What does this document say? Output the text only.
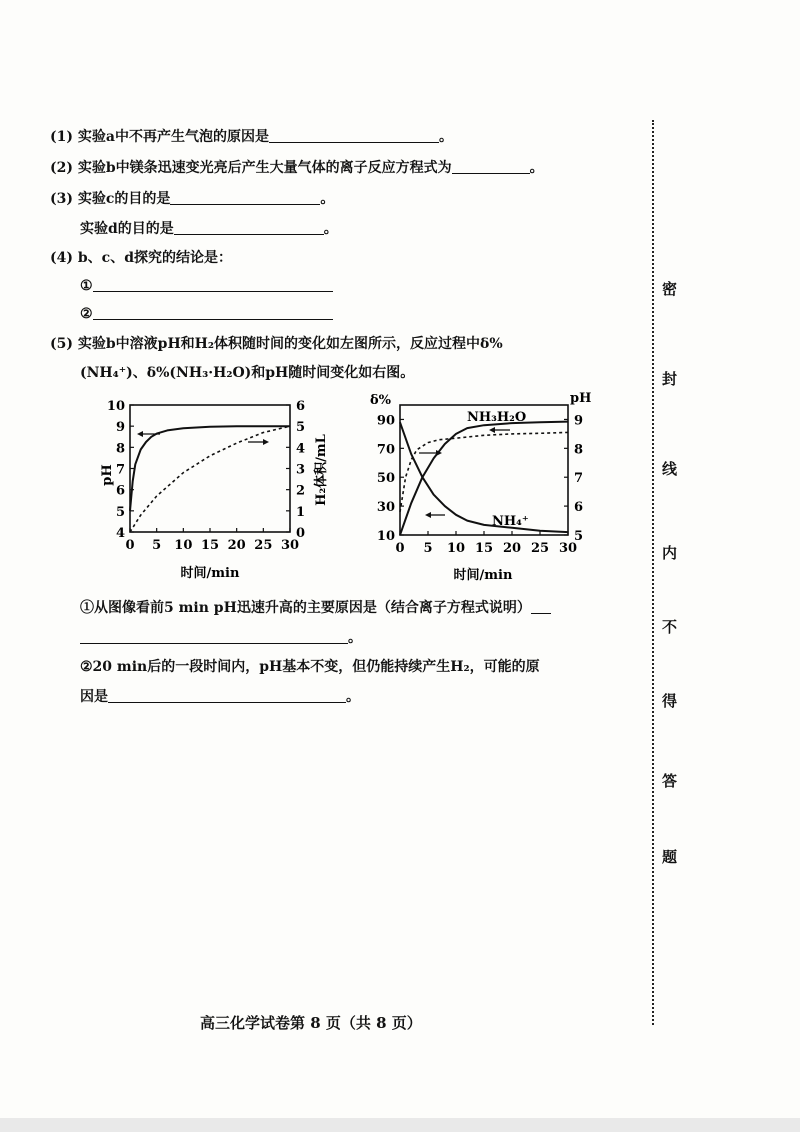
(1) 实验a中不再产生气泡的原因是	。
(2) 实验b中镁条迅速变光亮后产生大量气体的离子反应方程式为	。
(3) 实验c的目的是	。
实验d的目的是	。
(4) b、c、d探究的结论是：
①
②
(5) 实验b中溶液pH和H₂体积随时间的变化如左图所示，反应过程中δ%
(NH₄⁺)、δ%(NH₃·H₂O)和pH随时间变化如右图。
4
5
6
7
8
9
10
0
1
2
3
4
5
6
0 5 10 15 20 25 30
pH	H₂体积/mL
时间/min
10
30
50
70
90
5
6
7
8
9
0 5 10 15 20 25 30
NH₃H₂O
NH₄⁺
δ%	pH
时间/min
①从图像看前5 min pH迅速升高的主要原因是（结合离子方程式说明）
。
②20 min后的一段时间内，pH基本不变，但仍能持续产生H₂，可能的原
因是	。
密
封
线
内
不
得
答
题
高三化学试卷第 8 页（共 8 页）
